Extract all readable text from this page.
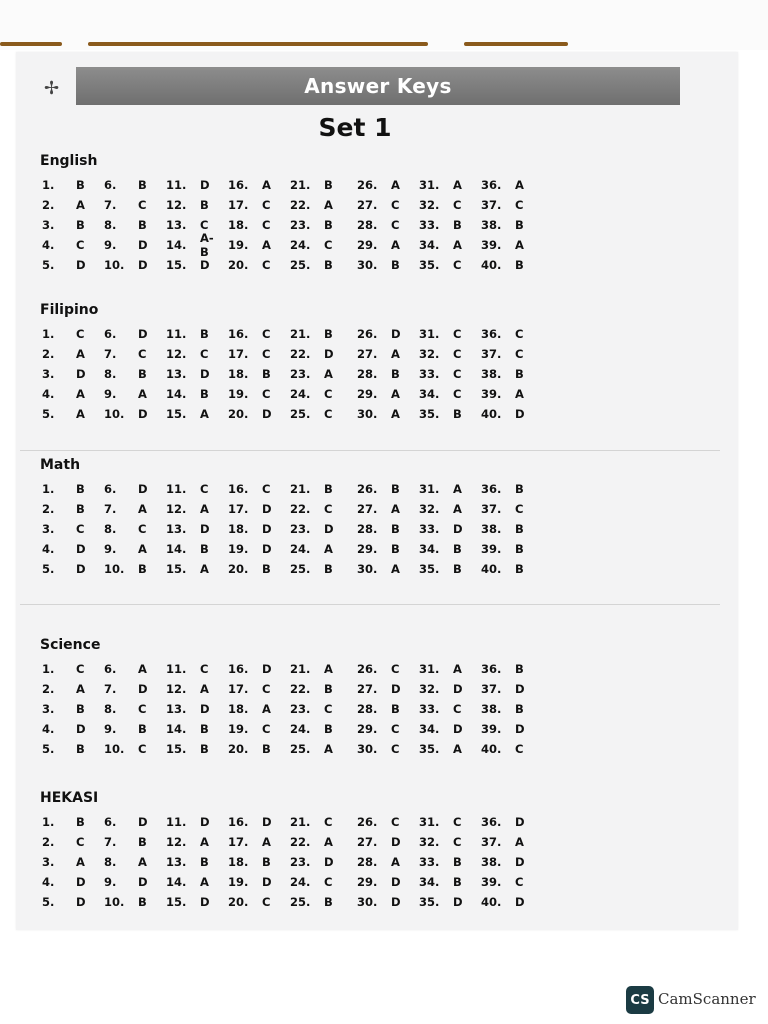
✢	Answer Keys
Set 1
English
1.	B	6.	B	11.	D	16.	A	21.	B	26.	A	31.	A	36.	A
2.	A	7.	C	12.	B	17.	C	22.	A	27.	C	32.	C	37.	C
3.	B	8.	B	13.	C	18.	C	23.	B	28.	C	33.	B	38.	B
4.	C	9.	D	14.	A-B	19.	A	24.	C	29.	A	34.	A	39.	A
5.	D	10.	D	15.	D	20.	C	25.	B	30.	B	35.	C	40.	B
Filipino
1.	C	6.	D	11.	B	16.	C	21.	B	26.	D	31.	C	36.	C
2.	A	7.	C	12.	C	17.	C	22.	D	27.	A	32.	C	37.	C
3.	D	8.	B	13.	D	18.	B	23.	A	28.	B	33.	C	38.	B
4.	A	9.	A	14.	B	19.	C	24.	C	29.	A	34.	C	39.	A
5.	A	10.	D	15.	A	20.	D	25.	C	30.	A	35.	B	40.	D
Math
1.	B	6.	D	11.	C	16.	C	21.	B	26.	B	31.	A	36.	B
2.	B	7.	A	12.	A	17.	D	22.	C	27.	A	32.	A	37.	C
3.	C	8.	C	13.	D	18.	D	23.	D	28.	B	33.	D	38.	B
4.	D	9.	A	14.	B	19.	D	24.	A	29.	B	34.	B	39.	B
5.	D	10.	B	15.	A	20.	B	25.	B	30.	A	35.	B	40.	B
Science
1.	C	6.	A	11.	C	16.	D	21.	A	26.	C	31.	A	36.	B
2.	A	7.	D	12.	A	17.	C	22.	B	27.	D	32.	D	37.	D
3.	B	8.	C	13.	D	18.	A	23.	C	28.	B	33.	C	38.	B
4.	D	9.	B	14.	B	19.	C	24.	B	29.	C	34.	D	39.	D
5.	B	10.	C	15.	B	20.	B	25.	A	30.	C	35.	A	40.	C
HEKASI
1.	B	6.	D	11.	D	16.	D	21.	C	26.	C	31.	C	36.	D
2.	C	7.	B	12.	A	17.	A	22.	A	27.	D	32.	C	37.	A
3.	A	8.	A	13.	B	18.	B	23.	D	28.	A	33.	B	38.	D
4.	D	9.	D	14.	A	19.	D	24.	C	29.	D	34.	B	39.	C
5.	D	10.	B	15.	D	20.	C	25.	B	30.	D	35.	D	40.	D
CS CamScanner
